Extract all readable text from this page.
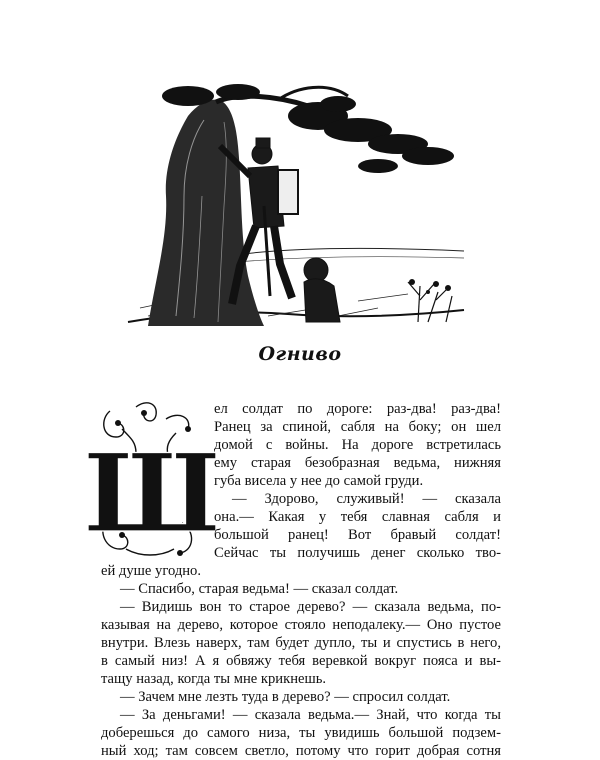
Огниво
Ш
ел солдат по дороге: раз-два! раз-два!
Ранец за спиной, сабля на боку; он шел
домой с войны. На дороге встретилась
ему старая безобразная ведьма, нижняя
губа висела у нее до самой груди.
— Здорово, служивый! — сказала
она.— Какая у тебя славная сабля и
большой ранец! Вот бравый солдат!
Сейчас ты получишь денег сколько тво-
ей душе угодно.
— Спасибо, старая ведьма! — сказал солдат.
— Видишь вон то старое дерево? — сказала ведьма, по-
казывая на дерево, которое стояло неподалеку.— Оно пустое
внутри. Влезь наверх, там будет дупло, ты и спустись в него,
в самый низ! А я обвяжу тебя веревкой вокруг пояса и вы-
тащу назад, когда ты мне крикнешь.
— Зачем мне лезть туда в дерево? — спросил солдат.
— За деньгами! — сказала ведьма.— Знай, что когда ты
доберешься до самого низа, ты увидишь большой подзем-
ный ход; там совсем светло, потому что горит добрая сотня
